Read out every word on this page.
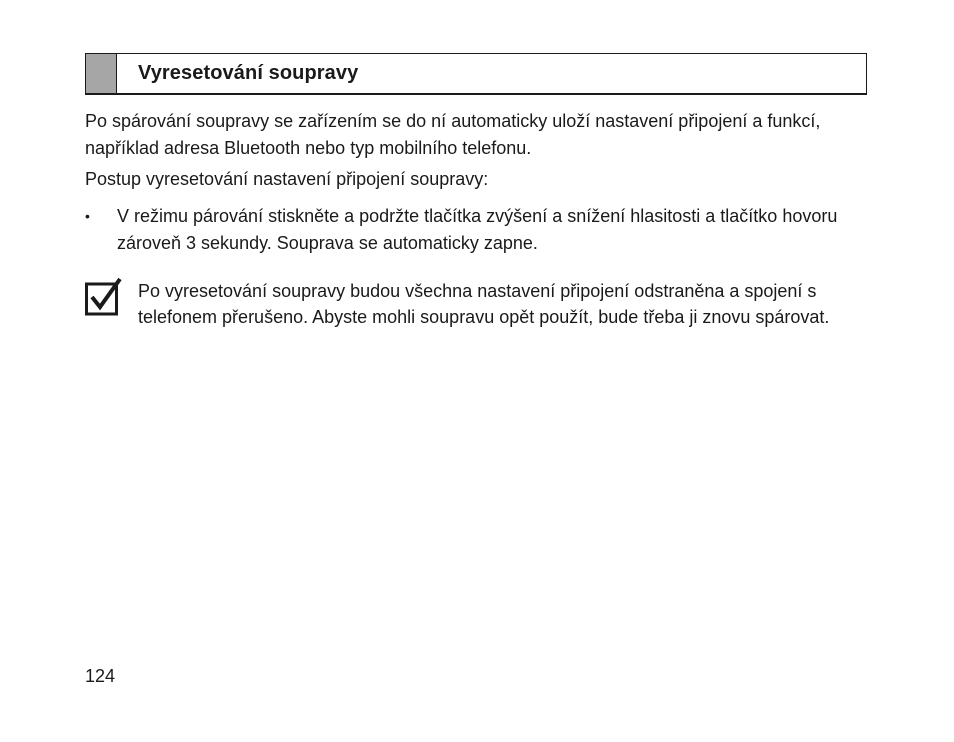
Vyresetování soupravy

Po spárování soupravy se zařízením se do ní automaticky uloží nastavení připojení a funkcí, například adresa Bluetooth nebo typ mobilního telefonu.

Postup vyresetování nastavení připojení soupravy:

• V režimu párování stiskněte a podržte tlačítka zvýšení a snížení hlasitosti a tlačítko hovoru zároveň 3 sekundy. Souprava se automaticky zapne.

Po vyresetování soupravy budou všechna nastavení připojení odstraněna a spojení s telefonem přerušeno. Abyste mohli soupravu opět použít, bude třeba ji znovu spárovat.

124
